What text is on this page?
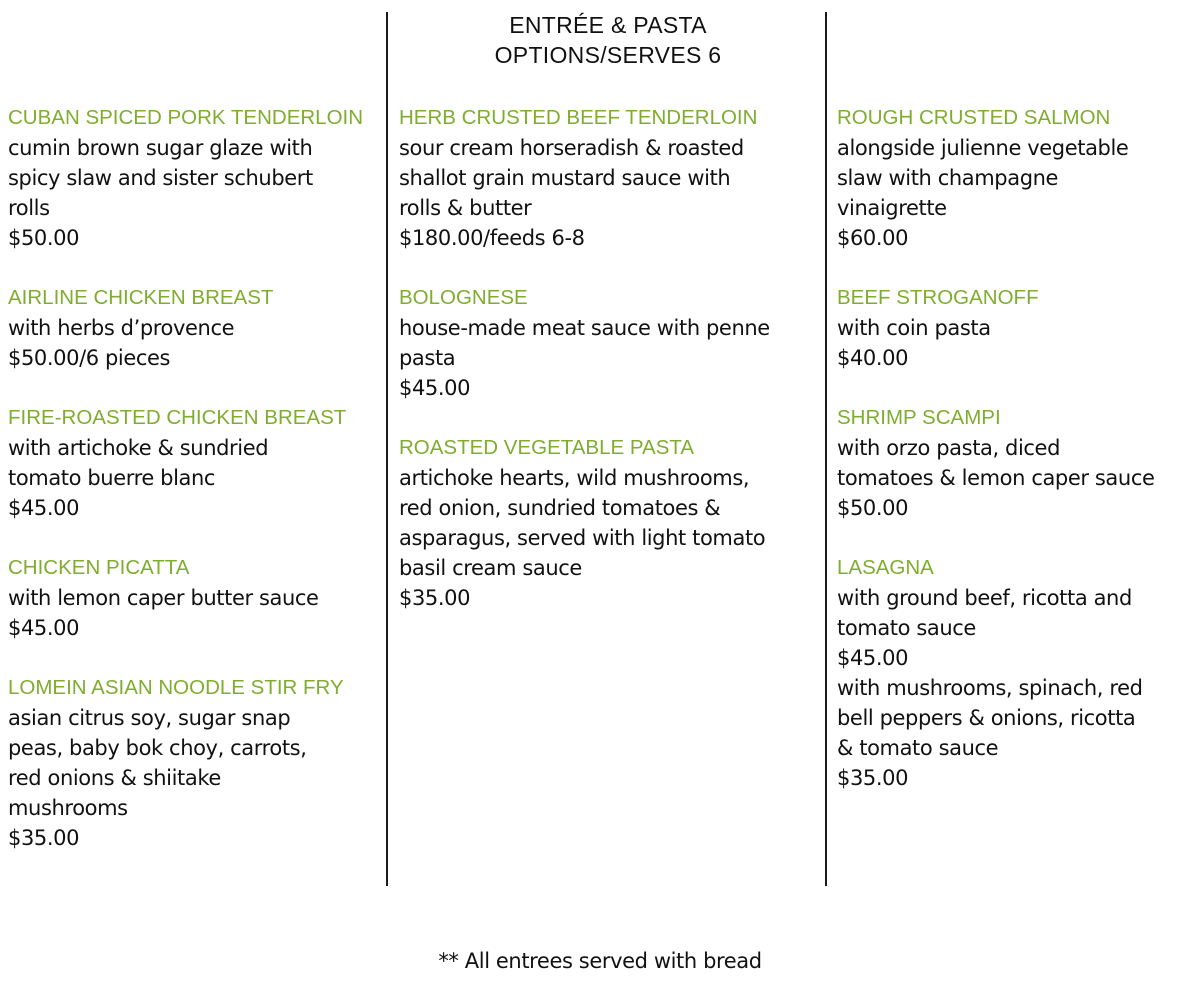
ENTRÉE & PASTA
OPTIONS/SERVES 6
CUBAN SPICED PORK TENDERLOIN
cumin brown sugar glaze with
spicy slaw and sister schubert
rolls
$50.00
AIRLINE CHICKEN BREAST
with herbs d’provence
$50.00/6 pieces
FIRE-ROASTED CHICKEN BREAST
with artichoke & sundried
tomato buerre blanc
$45.00
CHICKEN PICATTA
with lemon caper butter sauce
$45.00
LOMEIN ASIAN NOODLE STIR FRY
asian citrus soy, sugar snap
peas, baby bok choy, carrots,
red onions & shiitake
mushrooms
$35.00
HERB CRUSTED BEEF TENDERLOIN
sour cream horseradish & roasted
shallot grain mustard sauce with
rolls & butter
$180.00/feeds 6-8
BOLOGNESE
house-made meat sauce with penne
pasta
$45.00
ROASTED VEGETABLE PASTA
artichoke hearts, wild mushrooms,
red onion, sundried tomatoes &
asparagus, served with light tomato
basil cream sauce
$35.00
ROUGH CRUSTED SALMON
alongside julienne vegetable
slaw with champagne
vinaigrette
$60.00
BEEF STROGANOFF
with coin pasta
$40.00
SHRIMP SCAMPI
with orzo pasta, diced
tomatoes & lemon caper sauce
$50.00
LASAGNA
with ground beef, ricotta and
tomato sauce
$45.00
with mushrooms, spinach, red
bell peppers & onions, ricotta
& tomato sauce
$35.00
** All entrees served with bread
